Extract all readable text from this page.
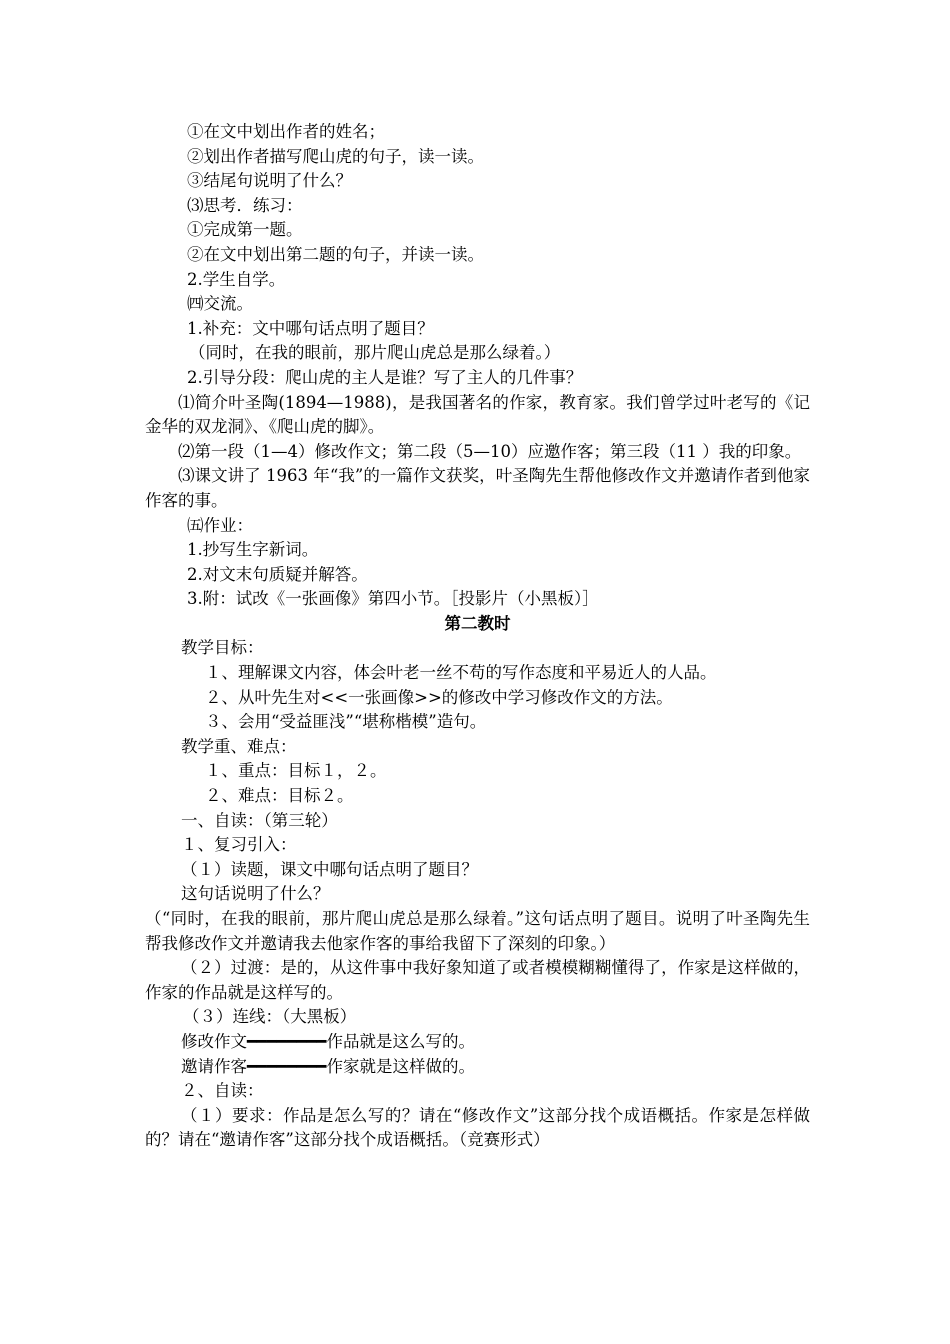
①在文中划出作者的姓名；
②划出作者描写爬山虎的句子，读一读。
③结尾句说明了什么？
⑶思考．练习：
①完成第一题。
②在文中划出第二题的句子，并读一读。
2.学生自学。
㈣交流。
1.补充：文中哪句话点明了题目？
（同时，在我的眼前，那片爬山虎总是那么绿着。）
2.引导分段：爬山虎的主人是谁？写了主人的几件事？
⑴简介叶圣陶(1894—1988)，是我国著名的作家，教育家。我们曾学过叶老写的《记金华的双龙洞》、《爬山虎的脚》。
⑵第一段（1—4）修改作文；第二段（5—10）应邀作客；第三段（11 ）我的印象。
⑶课文讲了 1963 年“我”的一篇作文获奖，叶圣陶先生帮他修改作文并邀请作者到他家作客的事。
㈤作业：
1.抄写生字新词。
2.对文末句质疑并解答。
3.附：试改《一张画像》第四小节。［投影片（小黑板）］
第二教时
教学目标：
１、理解课文内容，体会叶老一丝不苟的写作态度和平易近人的人品。
２、从叶先生对<<一张画像>>的修改中学习修改作文的方法。
３、会用“受益匪浅”“堪称楷模”造句。
教学重、难点：
１、重点：目标１，２。
２、难点：目标２。
一、自读：（第三轮）
１、复习引入：
（１）读题，课文中哪句话点明了题目？
这句话说明了什么？
（“同时，在我的眼前，那片爬山虎总是那么绿着。”这句话点明了题目。说明了叶圣陶先生帮我修改作文并邀请我去他家作客的事给我留下了深刻的印象。）
（２）过渡：是的，从这件事中我好象知道了或者模模糊糊懂得了，作家是这样做的，作家的作品就是这样写的。
（３）连线：（大黑板）
修改作文━━━━━━━━作品就是这么写的。
邀请作客━━━━━━━━作家就是这样做的。
２、自读：
（１）要求：作品是怎么写的？请在“修改作文”这部分找个成语概括。作家是怎样做的？请在“邀请作客”这部分找个成语概括。（竞赛形式）
